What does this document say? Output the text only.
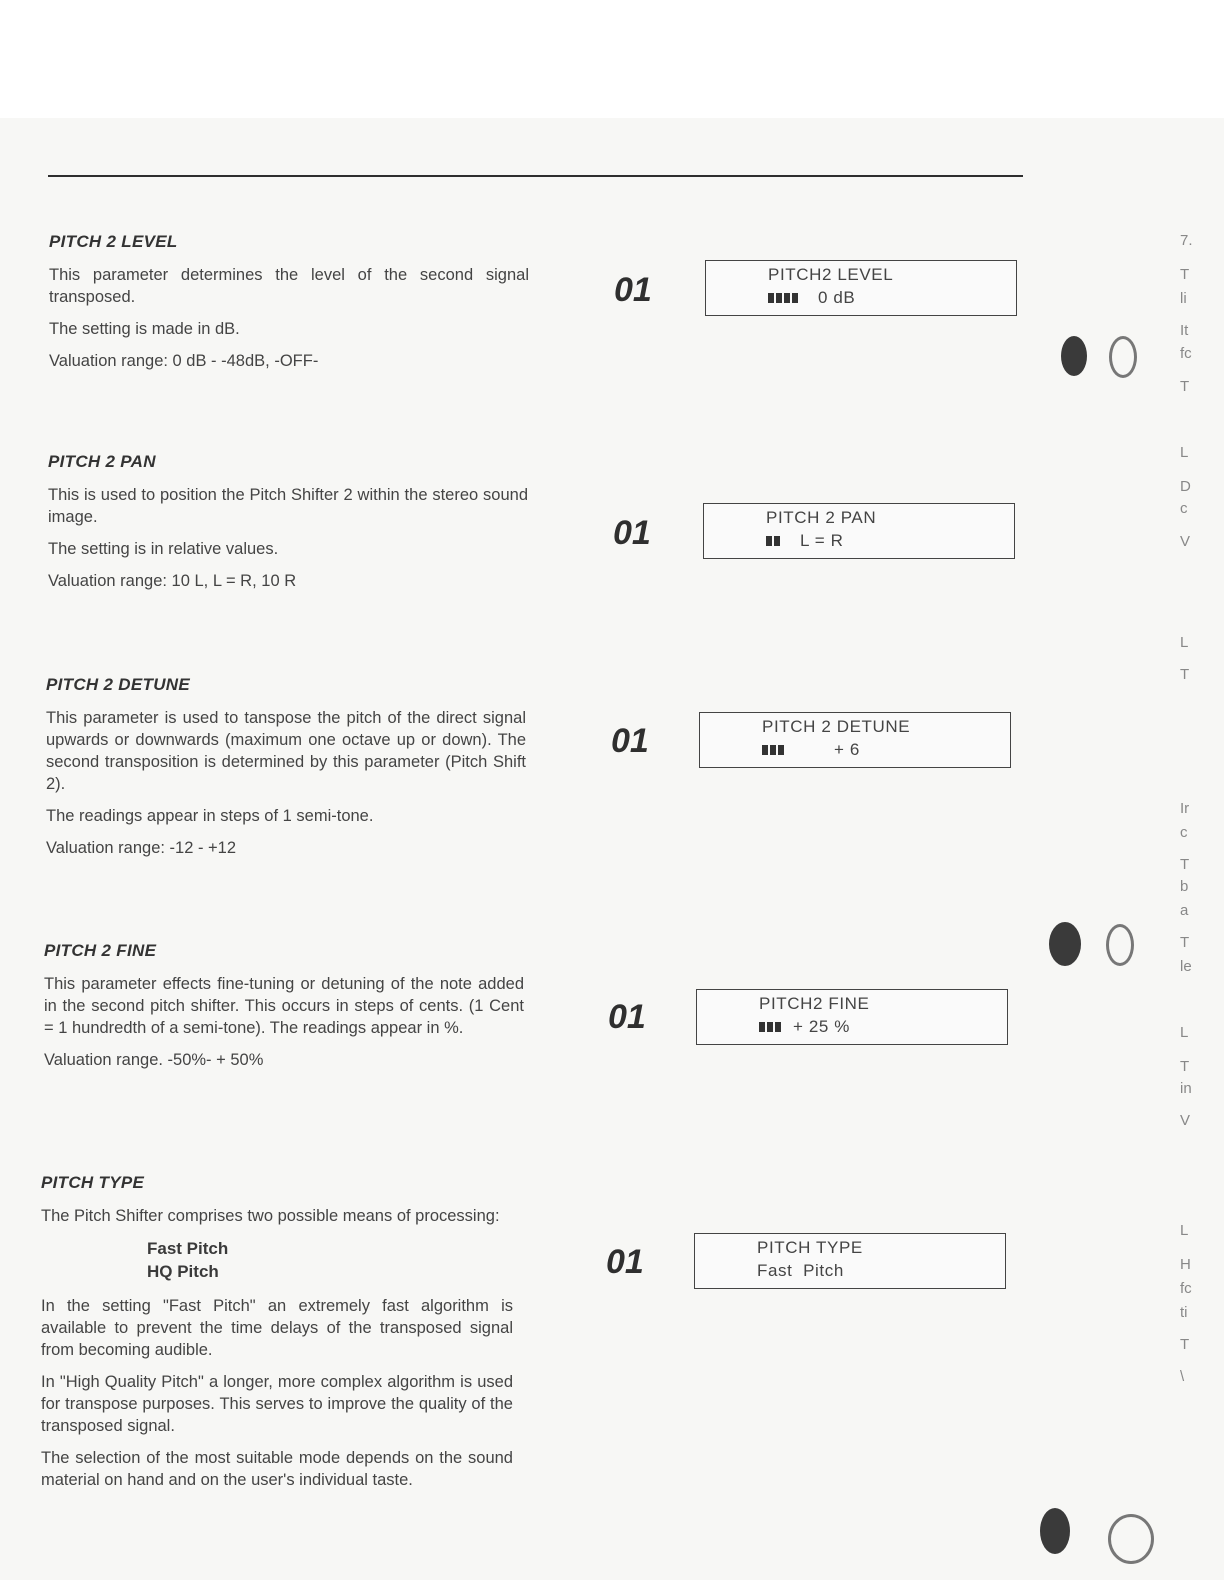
PITCH 2 LEVEL

This parameter determines the level of the second signal transposed.

The setting is made in dB.

Valuation range: 0 dB - -48dB, -OFF-

01	PITCH2 LEVEL
0 dB
PITCH 2 PAN

This is used to position the Pitch Shifter 2 within the stereo sound image.

The setting is in relative values.

Valuation range: 10 L, L = R, 10 R

01	PITCH 2 PAN
L = R
PITCH 2 DETUNE

This parameter is used to tanspose the pitch of the direct signal upwards or downwards (maximum one octave up or down). The second transposition is determined by this parameter (Pitch Shift 2).

The readings appear in steps of 1 semi-tone.

Valuation range: -12 - +12

01	PITCH 2 DETUNE
+ 6
PITCH 2 FINE

This parameter effects fine-tuning or detuning of the note added in the second pitch shifter. This occurs in steps of cents. (1 Cent = 1 hundredth of a semi-tone). The readings appear in %.

Valuation range. -50%- + 50%

01	PITCH2 FINE
+ 25 %
PITCH TYPE

The Pitch Shifter comprises two possible means of processing:

Fast Pitch
HQ Pitch

In the setting "Fast Pitch" an extremely fast algorithm is available to prevent the time delays of the transposed signal from becoming audible.

In "High Quality Pitch" a longer, more complex algorithm is used for transpose purposes. This serves to improve the quality of the transposed signal.

The selection of the most suitable mode depends on the sound material on hand and on the user's individual taste.

01	PITCH TYPE
Fast  Pitch
7.
T
li
It
fc
T
L
D
c
V
L
T
Ir
c
T
b
a
T
le
L
T
in
V
L
H
fc
ti
T
\
